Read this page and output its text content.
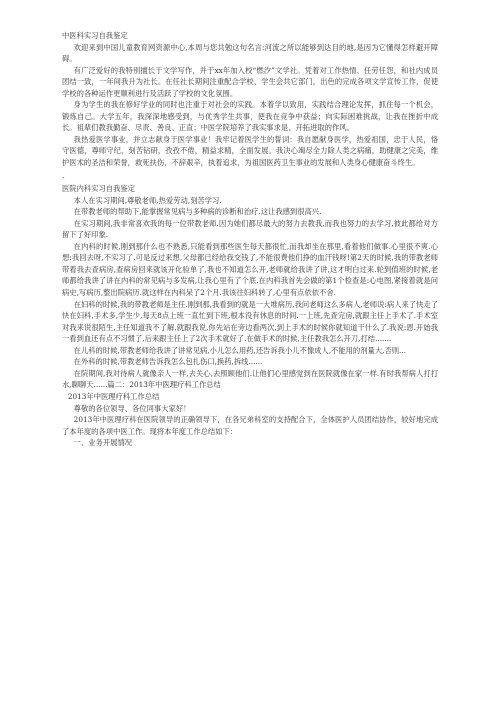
中医科实习自我鉴定

欢迎来到中国儿童教育网资源中心,本周与您共勉这句名言:河流之所以能够到达目的地,是因为它懂得怎样避开障碍。

有广泛爱好的我特别擅长于文学写作，并于xx年加入校“燃汐”文学社。凭着对工作热情、任劳任怨，和社内成员团结一致，一年间我升为社长。在任社长期间注重配合学校、学生会共它部门，出色的完成各项文学宣传工作，促使学校的各种运作更顺利进行及活跃了学校的文化氛围。

身为学生的我在修好学业的同时也注重于对社会的实践。本着学以致用，实践结合理论发挥，抓住每一个机会，锻炼自己。大学五年，我深深地感受到，与优秀学生共事，使我在竞争中获益；向实际困难挑战，让我在挫折中成长。祖辈们教我勤奋、尽责、善良、正直；中医学院培养了我实事求是、开拓进取的作风。

我热爱医学事业，并立志献身于医学事业！我牢记着医学生的誓词：我自愿献身医学，热爱祖国，忠于人民，恪守医德，尊师守纪，刻苦钻研，孜孜不倦，精益求精，全面发展。我决心竭尽全力除人类之病痛，助健康之完美，维护医术的圣洁和荣誉，救死扶伤，不辞艰辛，执着追求，为祖国医药卫生事业的发展和人类身心健康奋斗终生。

-

医院内科实习自我鉴定

本人在实习期间,尊敬老师,热爱劳动,刻苦学习.

在带教老师的帮助下,能掌握常见病与多种病的诊断和治疗.这让我感到很高兴.

在实习期间,我非常喜欢我的每一位带教老师.因为她们都尽最大的努力去教我,而我也努力的去学习,彼此都给对方留下了好印象.

在内科的时候,刚到那什么也不熟悉,只能看到那些医生每天都很忙,而我却坐在那里,看着他们做事.心里很不爽.心想:我回去呀,不实习了.可是反过来想,父母都已经给我交钱了,不能很费他们挣的血汗钱呀!第2天的时候,我的带教老师带着我去查病房,查病房回来就该开化验单了,我也不知道怎么开,老师就给我讲了讲,这才明白过来.轮到值班的时候,老师都给我讲了讲在内科的常见病与多发病,让我心里有了个底.在内科我首先会做的第1个检查是:心电图,紧接着就是问病史,写病历,整出院病历.就这样在内科呆了2个月.我该往妇科转了,心里有点依依不舍.

在妇科的时候,我的带教老师是主任.刚到那,我看到的就是一大堆病历,我问老师这么多病人,老师说:病人来了快走了快在妇科,手术多,学生少,每天8点上班一直忙到下班,根本没有休息的时间.一上班,先查完房,就跟主任上手术了.手术室对我来说很陌生,主任知道我不了解,就跟我说,你先站在旁边看两次,到上手术的时候你就知道干什么了.我说:恩.开始我一看到血还有点不习惯了,后来跟主任上了2次手术就好了.在做手术的时候,主任教我怎么开刀,打结.......

在儿科的时候,带教老师给我讲了讲常见病,小儿怎么用药,还告诉我小儿不像成人,不能用的剂量大,否则...

在外科的时候,带教老师告诉我怎么包扎伤口,换药,拆线......

在院期间,我对待病人就像亲人一样,去关心,去照顾他们.让他们心里感觉到在医院就像在家一样.有时我帮病人打打水,聊聊天......篇二：2013年中医理疗科工作总结

2013年中医理疗科工作总结

尊敬的各位领导、各位同事大家好！

2013年中医理疗科在医院领导的正确领导下，在各兄弟科室的支持配合下，全体医护人员团结协作，较好地完成了本年度的各项中医工作。现将本年度工作总结如下：

一、业务开展情况
